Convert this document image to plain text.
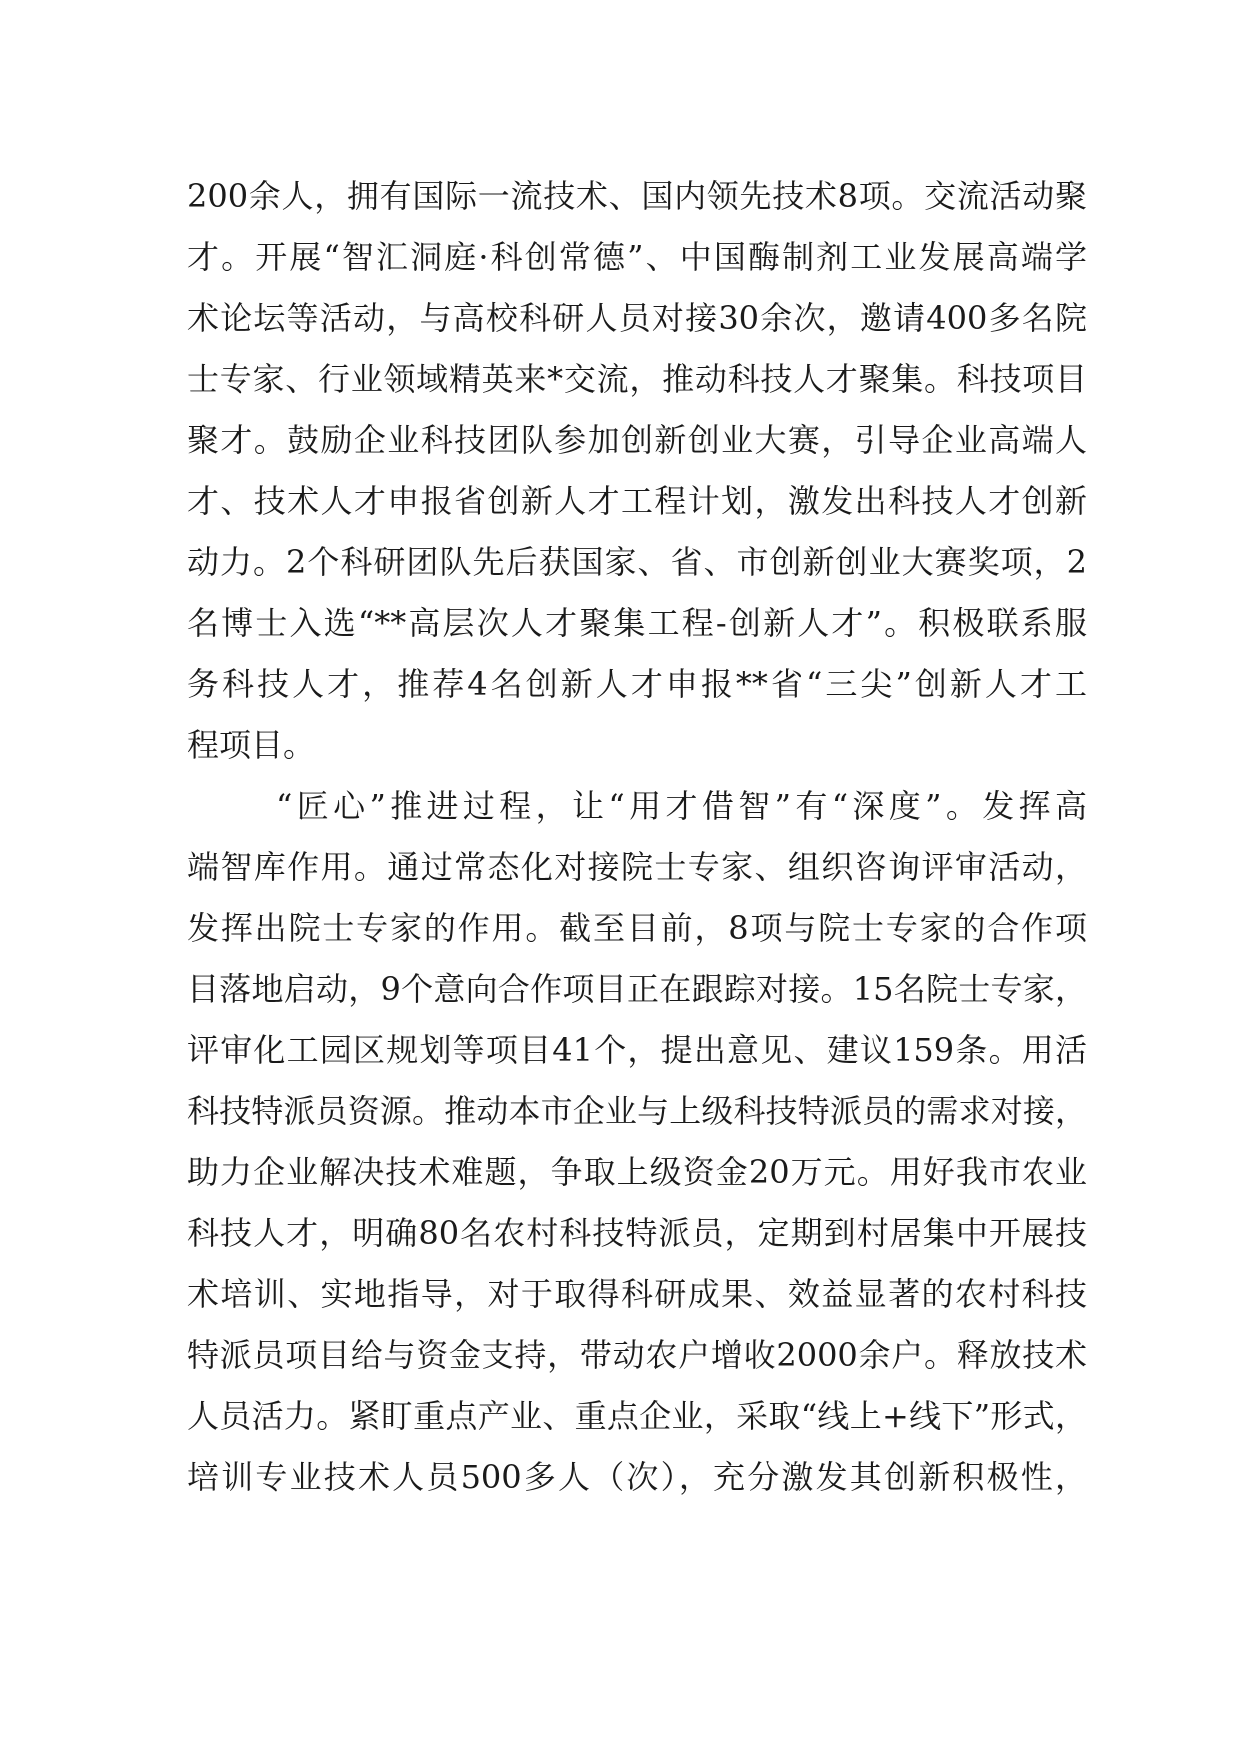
200余人，拥有国际一流技术、国内领先技术8项。交流活动聚
才。开展“智汇洞庭·科创常德”、中国酶制剂工业发展高端学
术论坛等活动，与高校科研人员对接30余次，邀请400多名院
士专家、行业领域精英来*交流，推动科技人才聚集。科技项目
聚才。鼓励企业科技团队参加创新创业大赛，引导企业高端人
才、技术人才申报省创新人才工程计划，激发出科技人才创新
动力。2个科研团队先后获国家、省、市创新创业大赛奖项，2
名博士入选“**高层次人才聚集工程-创新人才”。积极联系服
务科技人才，推荐4名创新人才申报**省“三尖”创新人才工
程项目。
“匠心”推进过程，让“用才借智”有“深度”。发挥高
端智库作用。通过常态化对接院士专家、组织咨询评审活动，
发挥出院士专家的作用。截至目前，8项与院士专家的合作项
目落地启动，9个意向合作项目正在跟踪对接。15名院士专家，
评审化工园区规划等项目41个，提出意见、建议159条。用活
科技特派员资源。推动本市企业与上级科技特派员的需求对接，
助力企业解决技术难题，争取上级资金20万元。用好我市农业
科技人才，明确80名农村科技特派员，定期到村居集中开展技
术培训、实地指导，对于取得科研成果、效益显著的农村科技
特派员项目给与资金支持，带动农户增收2000余户。释放技术
人员活力。紧盯重点产业、重点企业，采取“线上+线下”形式，
培训专业技术人员500多人（次），充分激发其创新积极性，
